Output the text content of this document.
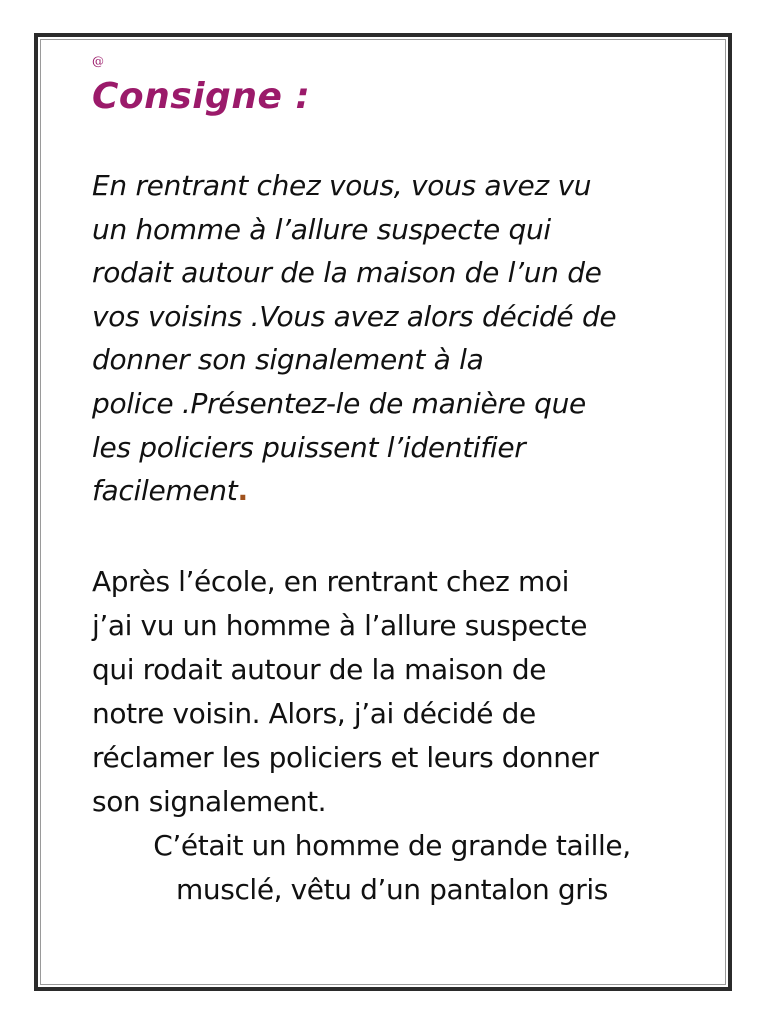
@
Consigne :

En rentrant chez vous, vous avez vu
un homme à l’allure suspecte qui
rodait autour de la maison de l’un de
vos voisins .Vous avez alors décidé de
donner son signalement à la
police .Présentez-le de manière que
les policiers puissent l’identifier
facilement.

Après l’école, en rentrant chez moi
j’ai vu un homme à l’allure suspecte
qui rodait autour de la maison de
notre voisin. Alors, j’ai décidé de
réclamer les policiers et leurs donner
son signalement.
C’était un homme de grande taille,
musclé, vêtu d’un pantalon gris
